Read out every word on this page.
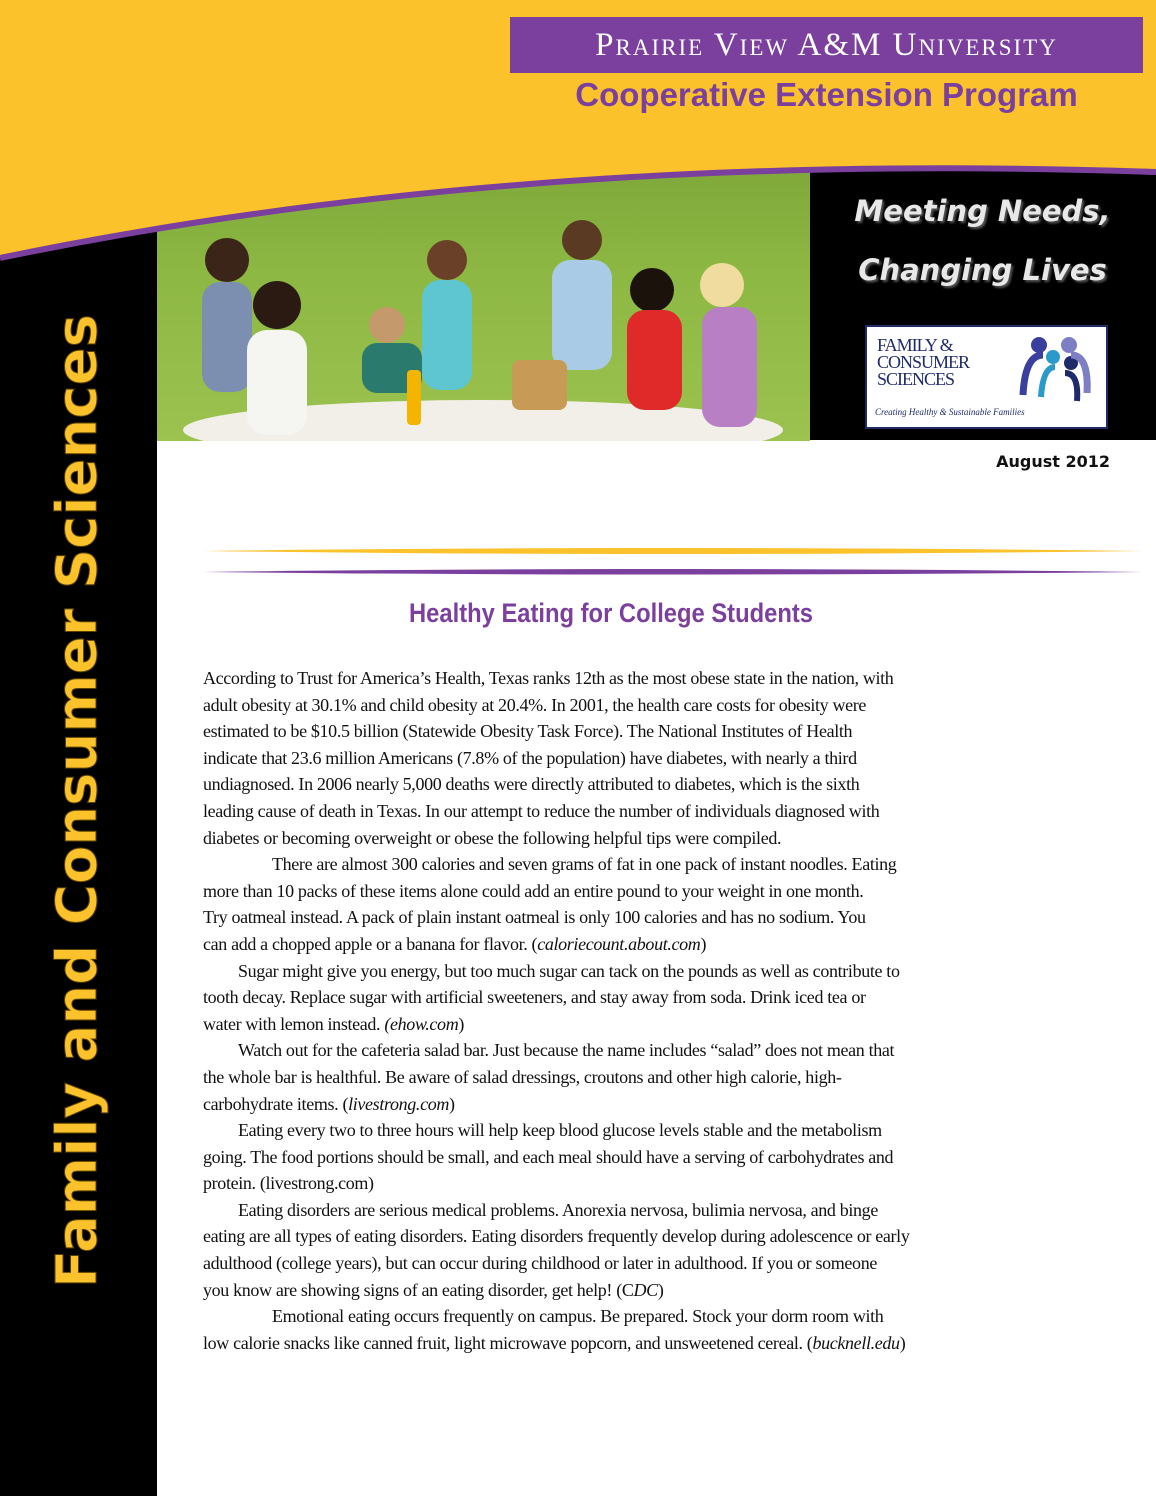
Prairie View A&M University
Cooperative Extension Program
Meeting Needs,
Changing Lives
FAMILY &
CONSUMER
SCIENCES
Creating Healthy & Sustainable Families
August 2012
Family and Consumer Sciences	Healthy Eating for College Students
According to Trust for America’s Health, Texas ranks 12th as the most obese state in the nation, with
adult obesity at 30.1% and child obesity at 20.4%. In 2001, the health care costs for obesity were
estimated to be $10.5 billion (Statewide Obesity Task Force). The National Institutes of Health
indicate that 23.6 million Americans (7.8% of the population) have diabetes, with nearly a third
undiagnosed. In 2006 nearly 5,000 deaths were directly attributed to diabetes, which is the sixth
leading cause of death in Texas. In our attempt to reduce the number of individuals diagnosed with
diabetes or becoming overweight or obese the following helpful tips were compiled.
There are almost 300 calories and seven grams of fat in one pack of instant noodles. Eating
more than 10 packs of these items alone could add an entire pound to your weight in one month.
Try oatmeal instead. A pack of plain instant oatmeal is only 100 calories and has no sodium. You
can add a chopped apple or a banana for flavor. (caloriecount.about.com)
Sugar might give you energy, but too much sugar can tack on the pounds as well as contribute to
tooth decay. Replace sugar with artificial sweeteners, and stay away from soda. Drink iced tea or
water with lemon instead. (ehow.com)
Watch out for the cafeteria salad bar. Just because the name includes “salad” does not mean that
the whole bar is healthful. Be aware of salad dressings, croutons and other high calorie, high-
carbohydrate items. (livestrong.com)
Eating every two to three hours will help keep blood glucose levels stable and the metabolism
going. The food portions should be small, and each meal should have a serving of carbohydrates and
protein. (livestrong.com)
Eating disorders are serious medical problems. Anorexia nervosa, bulimia nervosa, and binge
eating are all types of eating disorders. Eating disorders frequently develop during adolescence or early
adulthood (college years), but can occur during childhood or later in adulthood. If you or someone
you know are showing signs of an eating disorder, get help! (CDC)
Emotional eating occurs frequently on campus. Be prepared. Stock your dorm room with
low calorie snacks like canned fruit, light microwave popcorn, and unsweetened cereal. (bucknell.edu)
